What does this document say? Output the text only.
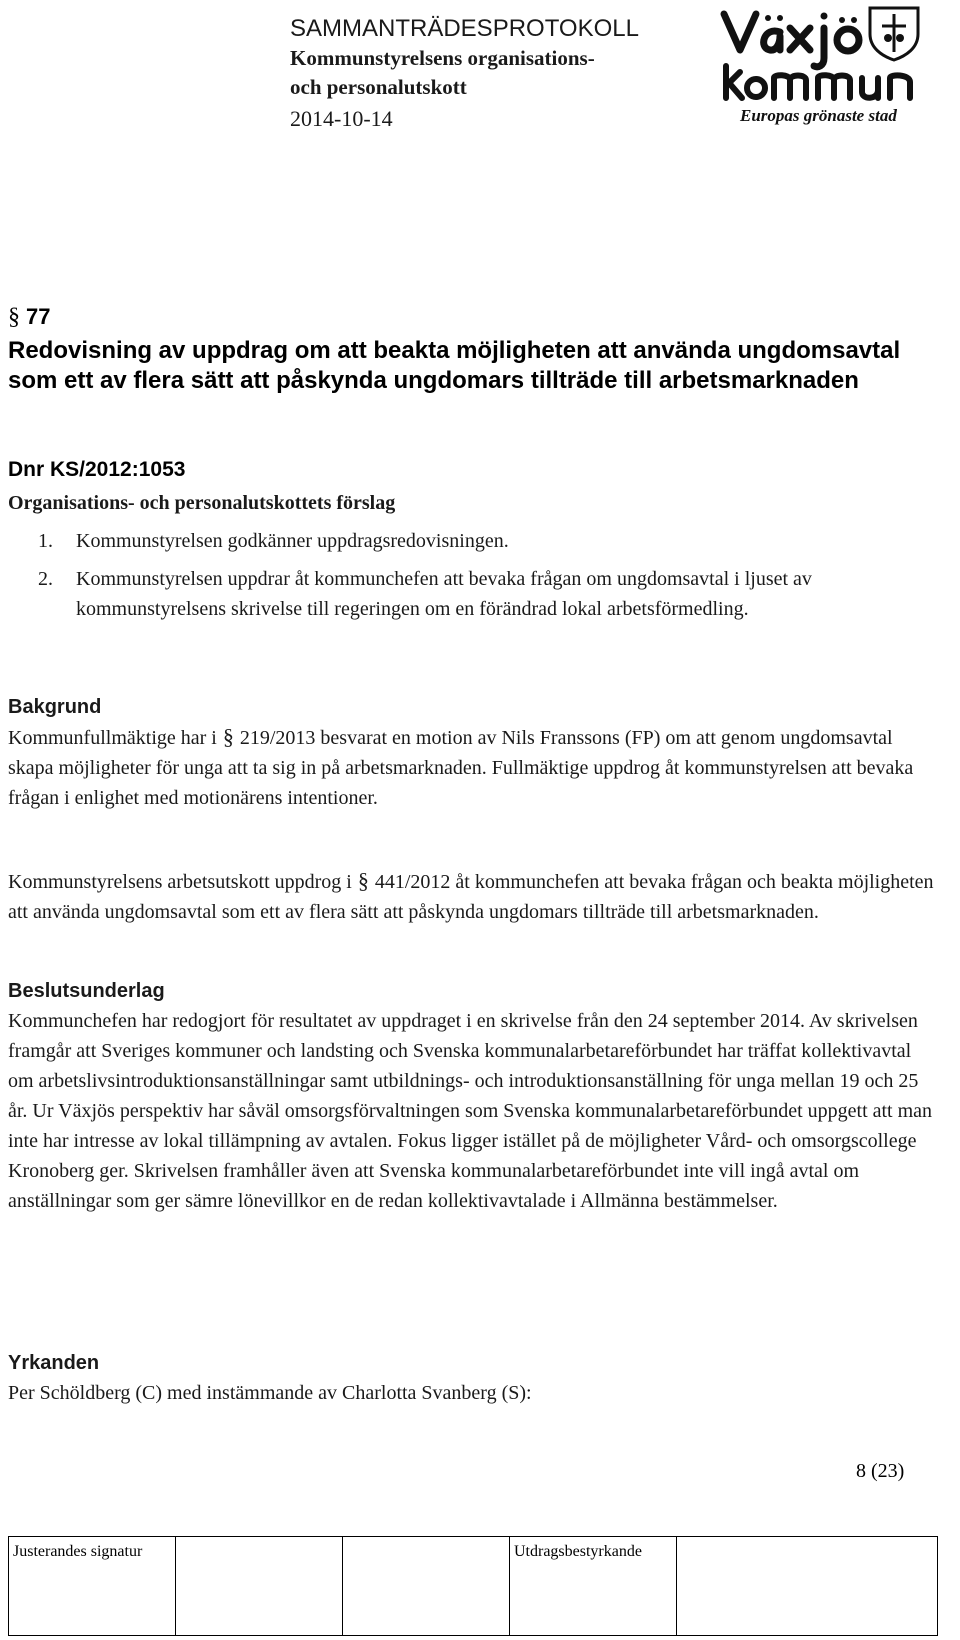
SAMMANTRÄDESPROTOKOLL
Kommunstyrelsens organisations-
och personalutskott
2014-10-14	Europas grönaste stad
§ 77
Redovisning av uppdrag om att beakta möjligheten att använda ungdomsavtal som ett av flera sätt att påskynda ungdomars tillträde till arbetsmarknaden
Dnr KS/2012:1053
Organisations- och personalutskottets förslag
1.	Kommunstyrelsen godkänner uppdragsredovisningen.
2.	Kommunstyrelsen uppdrar åt kommunchefen att bevaka frågan om ungdomsavtal i ljuset av kommunstyrelsens skrivelse till regeringen om en förändrad lokal arbetsförmedling.
Bakgrund
Kommunfullmäktige har i § 219/2013 besvarat en motion av Nils Franssons (FP) om att genom ungdomsavtal skapa möjligheter för unga att ta sig in på arbetsmarknaden. Fullmäktige uppdrog åt kommunstyrelsen att bevaka frågan i enlighet med motionärens intentioner.
Kommunstyrelsens arbetsutskott uppdrog i § 441/2012 åt kommunchefen att bevaka frågan och beakta möjligheten att använda ungdomsavtal som ett av flera sätt att påskynda ungdomars tillträde till arbetsmarknaden.
Beslutsunderlag
Kommunchefen har redogjort för resultatet av uppdraget i en skrivelse från den 24 september 2014. Av skrivelsen framgår att Sveriges kommuner och landsting och Svenska kommunalarbetareförbundet har träffat kollektivavtal om arbetslivsintroduktionsanställningar samt utbildnings- och introduktionsanställning för unga mellan 19 och 25 år. Ur Växjös perspektiv har såväl omsorgsförvaltningen som Svenska kommunalarbetareförbundet uppgett att man inte har intresse av lokal tillämpning av avtalen. Fokus ligger istället på de möjligheter Vård- och omsorgscollege Kronoberg ger. Skrivelsen framhåller även att Svenska kommunalarbetareförbundet inte vill ingå avtal om anställningar som ger sämre lönevillkor en de redan kollektivavtalade i Allmänna bestämmelser.
Yrkanden
Per Schöldberg (C) med instämmande av Charlotta Svanberg (S):
8 (23)
Justerandes signatur			Utdragsbestyrkande
